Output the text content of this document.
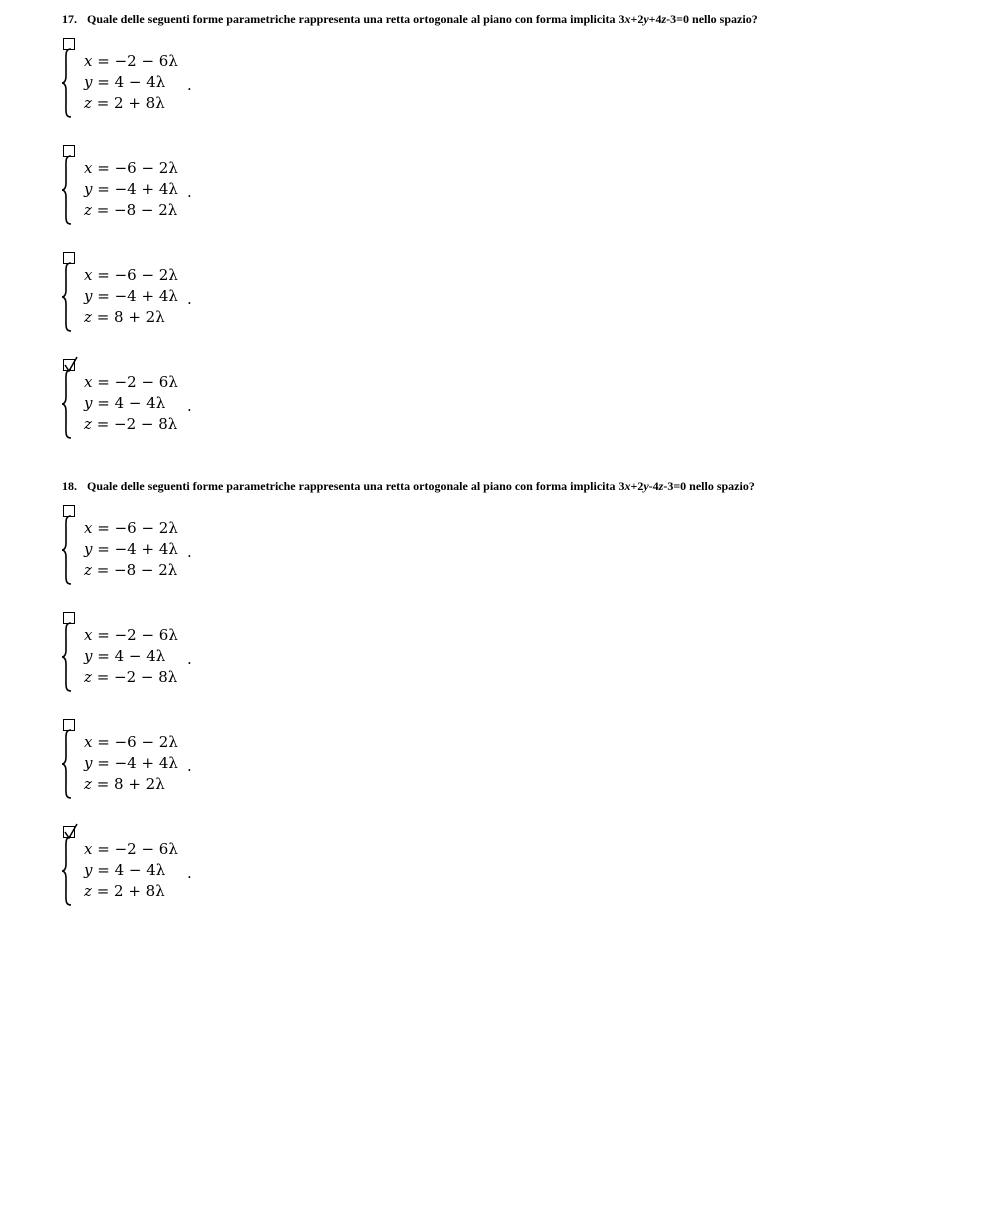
17. Quale delle seguenti forme parametriche rappresenta una retta ortogonale al piano con forma implicita 3x+2y+4z-3=0 nello spazio?
x = −2 − 6λ
y = 4 − 4λ
z = 2 + 8λ
.
x = −6 − 2λ
y = −4 + 4λ
z = −8 − 2λ
.
x = −6 − 2λ
y = −4 + 4λ
z = 8 + 2λ
.
x = −2 − 6λ
y = 4 − 4λ
z = −2 − 8λ
.
18. Quale delle seguenti forme parametriche rappresenta una retta ortogonale al piano con forma implicita 3x+2y-4z-3=0 nello spazio?
x = −6 − 2λ
y = −4 + 4λ
z = −8 − 2λ
.
x = −2 − 6λ
y = 4 − 4λ
z = −2 − 8λ
.
x = −6 − 2λ
y = −4 + 4λ
z = 8 + 2λ
.
x = −2 − 6λ
y = 4 − 4λ
z = 2 + 8λ
.
